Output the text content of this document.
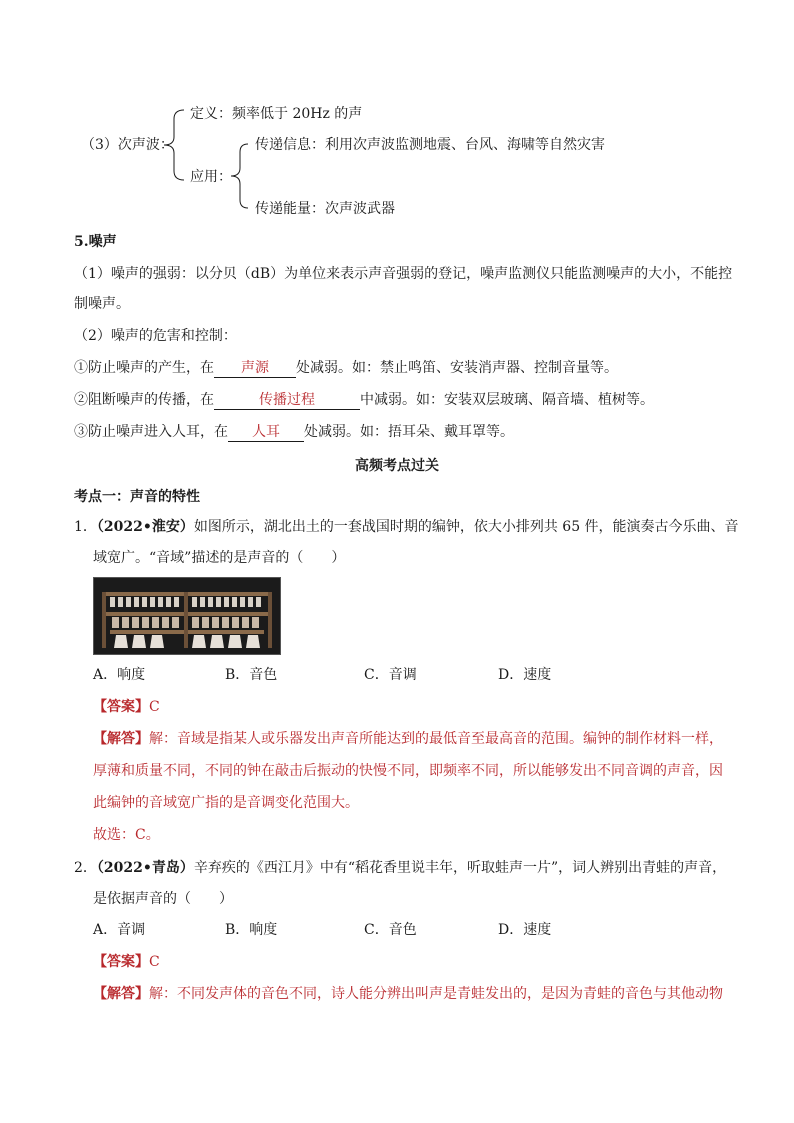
（3）次声波：
定义：频率低于 20Hz 的声
应用：
传递信息：利用次声波监测地震、台风、海啸等自然灾害
传递能量：次声波武器
5.噪声
（1）噪声的强弱：以分贝（dB）为单位来表示声音强弱的登记，噪声监测仪只能监测噪声的大小，不能控
制噪声。
（2）噪声的危害和控制：
①防止噪声的产生，在 声源 处减弱。如：禁止鸣笛、安装消声器、控制音量等。
②阻断噪声的传播，在	传播过程	中减弱。如：安装双层玻璃、隔音墙、植树等。
③防止噪声进入人耳，在 人耳 处减弱。如：捂耳朵、戴耳罩等。
高频考点过关
考点一：声音的特性
1．（2022•淮安）如图所示，湖北出土的一套战国时期的编钟，依大小排列共 65 件，能演奏古今乐曲、音
域宽广。“音域”描述的是声音的（　　）
A．响度	B．音色	C．音调	D．速度
【答案】C
【解答】解：音域是指某人或乐器发出声音所能达到的最低音至最高音的范围。编钟的制作材料一样，
厚薄和质量不同，不同的钟在敲击后振动的快慢不同，即频率不同，所以能够发出不同音调的声音，因
此编钟的音域宽广指的是音调变化范围大。
故选：C。
2．（2022•青岛）辛弃疾的《西江月》中有“稻花香里说丰年，听取蛙声一片”，词人辨别出青蛙的声音，
是依据声音的（　　）
A．音调	B．响度	C．音色	D．速度
【答案】C
【解答】解：不同发声体的音色不同，诗人能分辨出叫声是青蛙发出的，是因为青蛙的音色与其他动物
